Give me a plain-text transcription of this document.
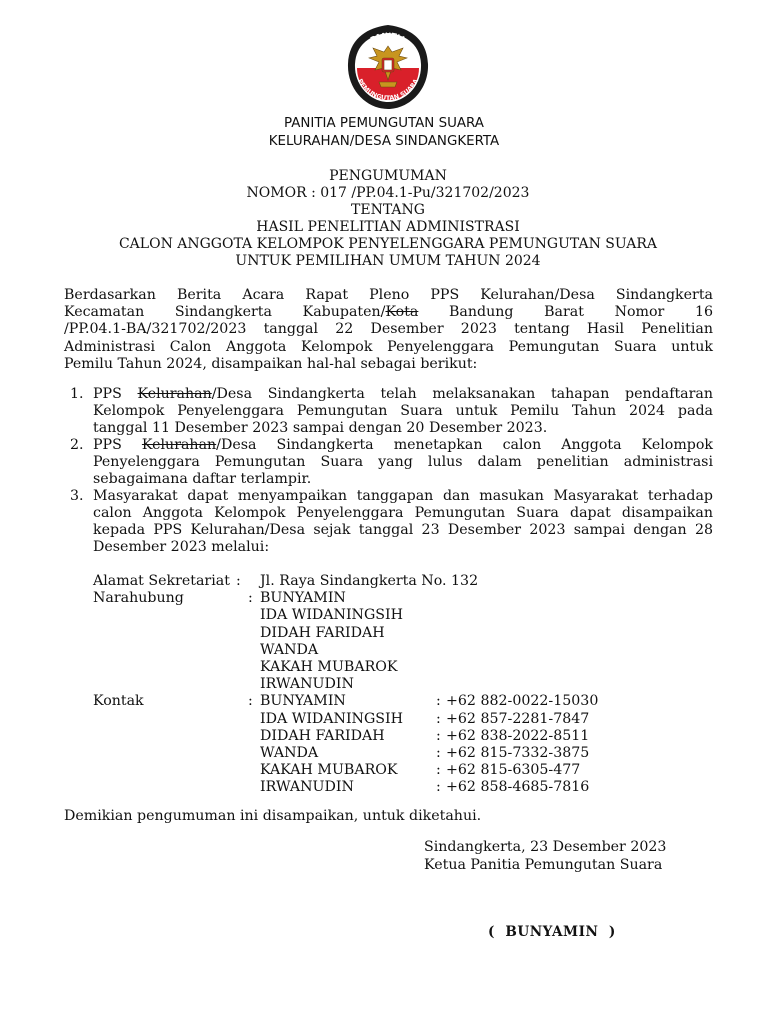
PANITIA
PEMUNGUTAN SUARA
PANITIA PEMUNGUTAN SUARA
KELURAHAN/DESA SINDANGKERTA
PENGUMUMAN
NOMOR : 017 /PP.04.1-Pu/321702/2023
TENTANG
HASIL PENELITIAN ADMINISTRASI
CALON ANGGOTA KELOMPOK PENYELENGGARA PEMUNGUTAN SUARA
UNTUK PEMILIHAN UMUM TAHUN 2024
Berdasarkan Berita Acara Rapat Pleno PPS Kelurahan/Desa Sindangkerta
Kecamatan Sindangkerta Kabupaten/Kota Bandung Barat Nomor 16
/PP.04.1-BA/321702/2023 tanggal 22 Desember 2023 tentang Hasil Penelitian
Administrasi Calon Anggota Kelompok Penyelenggara Pemungutan Suara untuk
Pemilu Tahun 2024, disampaikan hal-hal sebagai berikut:
1. PPS Kelurahan/Desa Sindangkerta telah melaksanakan tahapan pendaftaran
Kelompok Penyelenggara Pemungutan Suara untuk Pemilu Tahun 2024 pada
tanggal 11 Desember 2023 sampai dengan 20 Desember 2023.
2. PPS Kelurahan/Desa Sindangkerta menetapkan calon Anggota Kelompok
Penyelenggara Pemungutan Suara yang lulus dalam penelitian administrasi
sebagaimana daftar terlampir.
3. Masyarakat dapat menyampaikan tanggapan dan masukan Masyarakat terhadap
calon Anggota Kelompok Penyelenggara Pemungutan Suara dapat disampaikan
kepada PPS Kelurahan/Desa sejak tanggal 23 Desember 2023 sampai dengan 28
Desember 2023 melalui:
Alamat Sekretariat : Jl. Raya Sindangkerta No. 132
Narahubung	: BUNYAMIN
IDA WIDANINGSIH
DIDAH FARIDAH
WANDA
KAKAH MUBAROK
IRWANUDIN
Kontak	: BUNYAMIN	: +62 882-0022-15030
IDA WIDANINGSIH : +62 857-2281-7847
DIDAH FARIDAH	: +62 838-2022-8511
WANDA	: +62 815-7332-3875
KAKAH MUBAROK	: +62 815-6305-477
IRWANUDIN	: +62 858-4685-7816
Demikian pengumuman ini disampaikan, untuk diketahui.
Sindangkerta, 23 Desember 2023
Ketua Panitia Pemungutan Suara
(  BUNYAMIN  )
